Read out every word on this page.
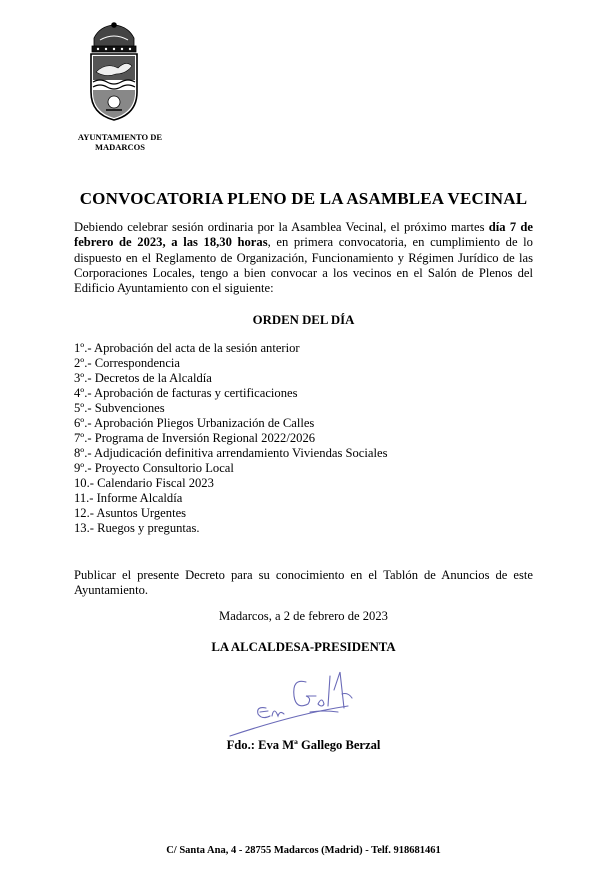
AYUNTAMIENTO DE
MADARCOS
CONVOCATORIA PLENO DE LA ASAMBLEA VECINAL
Debiendo celebrar sesión ordinaria por la Asamblea Vecinal, el próximo martes día 7 de febrero de 2023, a las 18,30 horas, en primera convocatoria, en cumplimiento de lo dispuesto en el Reglamento de Organización, Funcionamiento y Régimen Jurídico de las Corporaciones Locales, tengo a bien convocar a los vecinos en el Salón de Plenos del Edificio Ayuntamiento con el siguiente:
ORDEN DEL DÍA
1º.- Aprobación del acta de la sesión anterior
2º.- Correspondencia
3º.- Decretos de la Alcaldía
4º.- Aprobación de facturas y certificaciones
5º.- Subvenciones
6º.- Aprobación Pliegos Urbanización de Calles
7º.- Programa de Inversión Regional 2022/2026
8º.- Adjudicación definitiva arrendamiento Viviendas Sociales
9º.- Proyecto Consultorio Local
10.- Calendario Fiscal 2023
11.- Informe Alcaldía
12.- Asuntos Urgentes
13.- Ruegos y preguntas.
Publicar el presente Decreto para su conocimiento en el Tablón de Anuncios de este Ayuntamiento.
Madarcos, a 2 de febrero de 2023
LA ALCALDESA-PRESIDENTA
Fdo.: Eva Mª Gallego Berzal
C/ Santa Ana, 4 - 28755 Madarcos (Madrid) - Telf. 918681461
